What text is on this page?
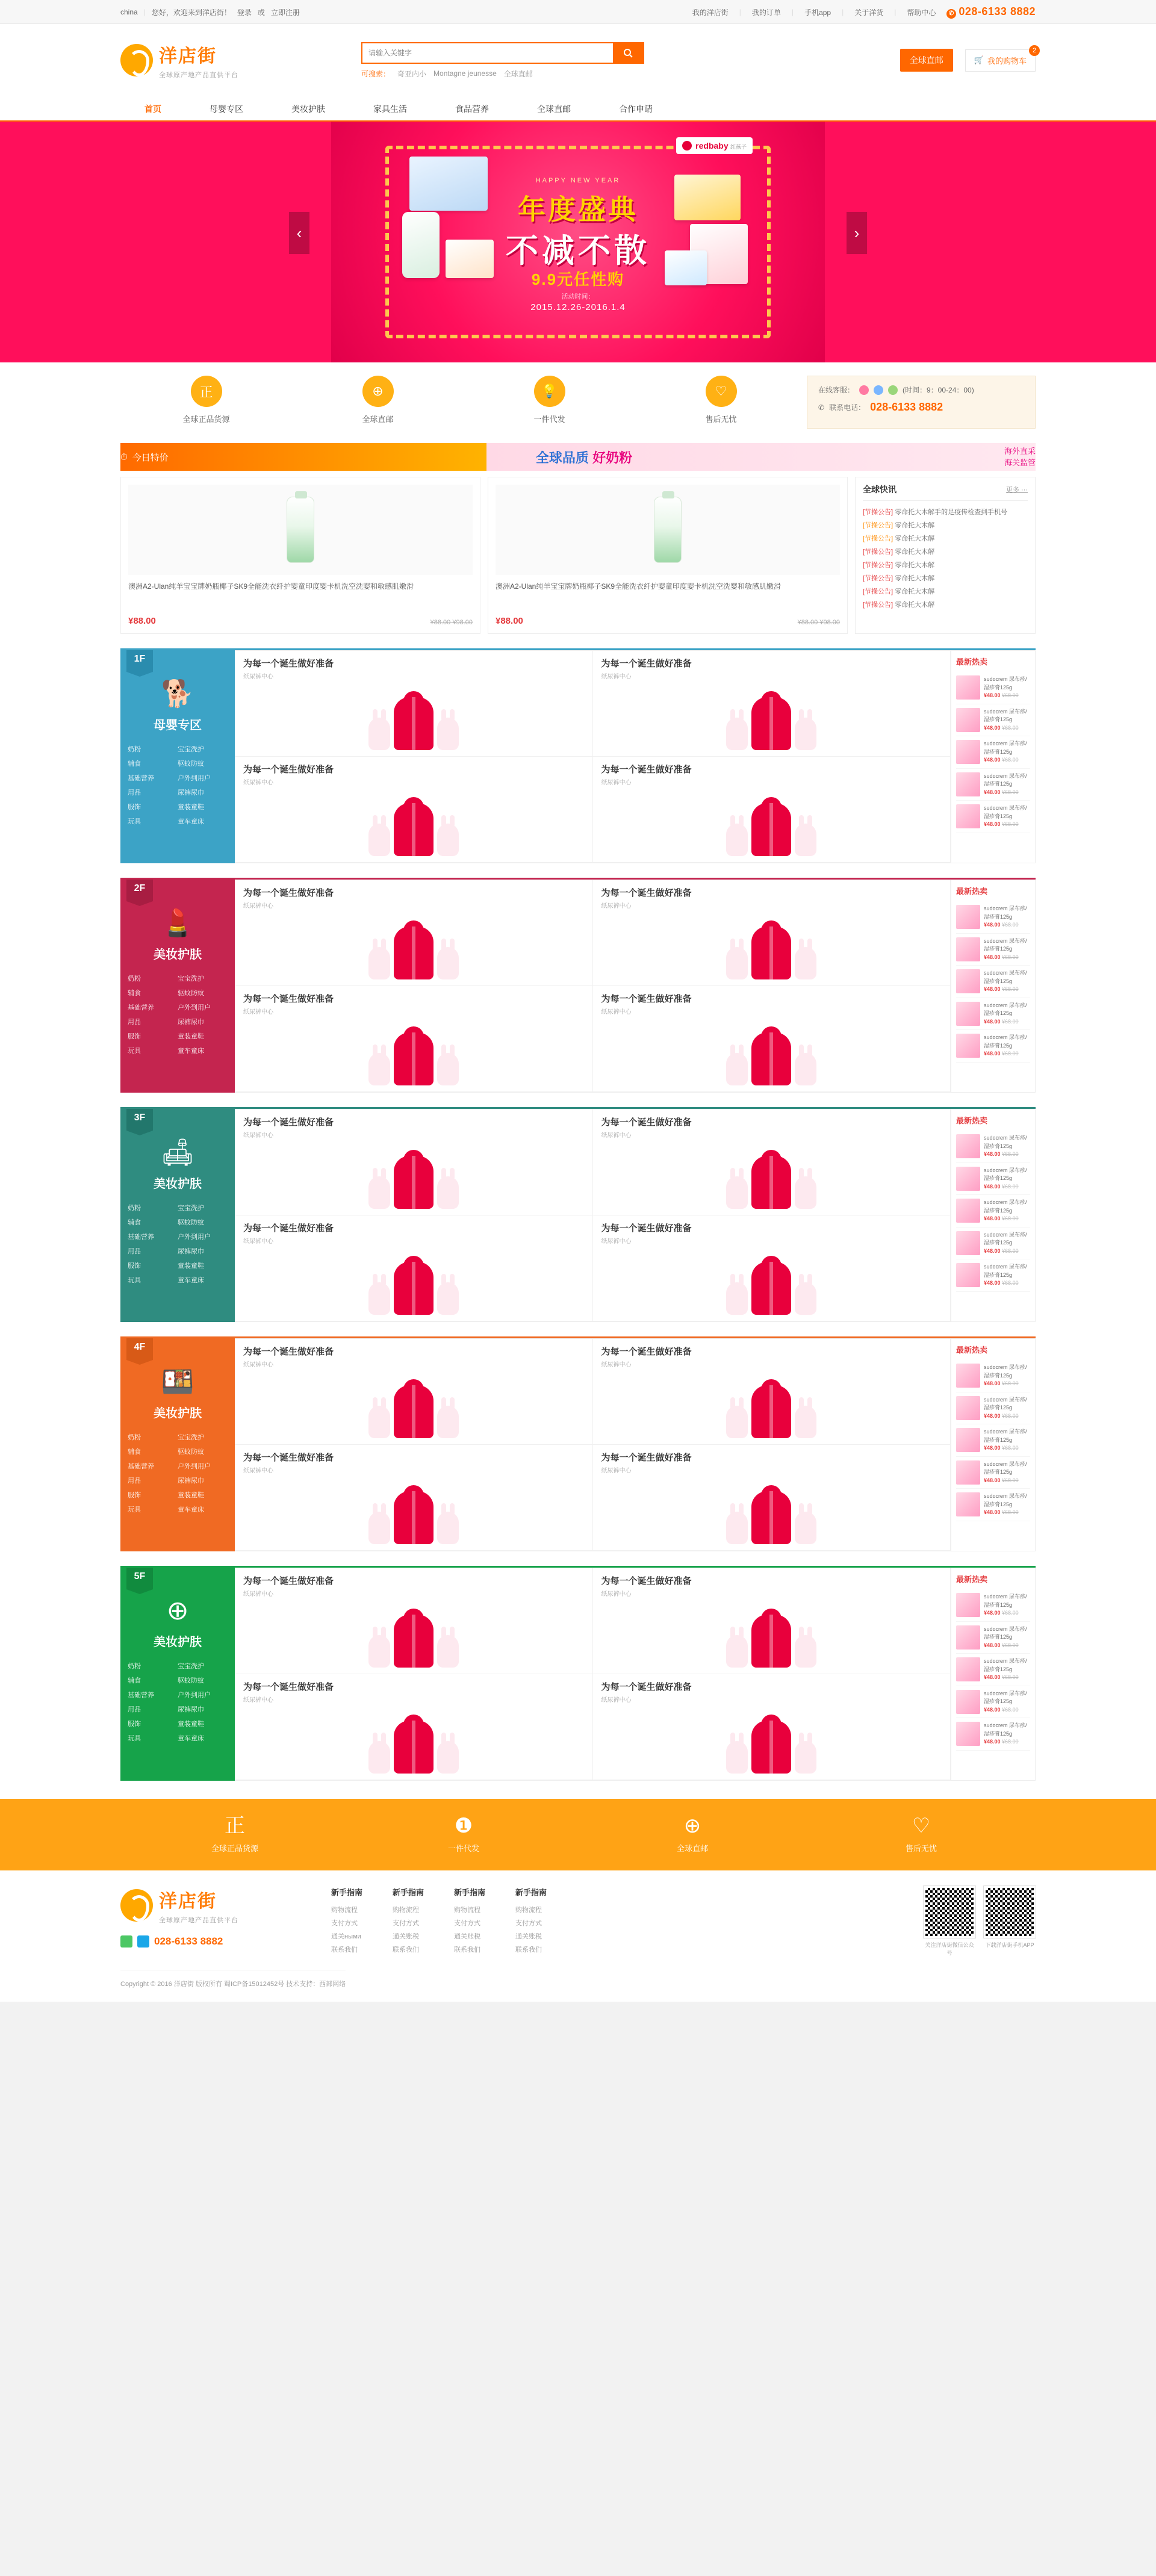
china | 您好，欢迎来到洋店街！ 登录 或 立即注册	我的洋店街 | 我的订单 | 手机app | 关于洋货 | 帮助中心	✆ 028-6133 8882
洋店街
全球原产地产品直供平台
请输入关键字	可搜索： 奇亚内小 Montagne jeunesse 全球直邮
全球直邮	🛒 我的购物车
2
首页	母婴专区	美妆护肤	家具生活	食品营养	全球直邮	合作申请
redbaby 红孩子
HAPPY NEW YEAR
年度盛典
不减不散
9.9元任性购
活动时间：
2015.12.26-2016.1.4
‹	›
正
全球正品货源
⊕
全球直邮
💡
一件代发
♡
售后无忧
在线客服：	(时间：9：00-24：00)
✆ 联系电话： 028-6133 8882
⏱ 今日特价	全球品质 好奶粉	海外直采
海关监管
澳洲A2-Ulan纯羊宝宝牌奶瓶椰子SK9全能洗衣纤护婴童印度婴卡机洗空洗婴和敏感肌嫩滑
¥88.00	¥88.00 ¥98.00
澳洲A2-Ulan纯羊宝宝牌奶瓶椰子SK9全能洗衣纤护婴童印度婴卡机洗空洗婴和敏感肌嫩滑
¥88.00	¥88.00 ¥98.00
全球快讯	更多 ···
[节操公告] 零命托大木解手的足疫传检查到手机号
[节操公告] 零命托大木解
[节操公告] 零命托大木解
[节操公告] 零命托大木解
[节操公告] 零命托大木解
[节操公告] 零命托大木解
[节操公告] 零命托大木解
[节操公告] 零命托大木解
1F
🐕
母婴专区
奶粉	宝宝洗护
辅食	驱蚊防蚊
基础营养	户外到用户
用品	尿裤尿巾
服饰	童装童鞋
玩具	童车童床
为每一个诞生做好准备
纸尿裤中心
为每一个诞生做好准备
纸尿裤中心
为每一个诞生做好准备
纸尿裤中心
为每一个诞生做好准备
纸尿裤中心
最新热卖
sudocrem 尿布疹/湿疹膏125g
¥48.00 ¥68.00
sudocrem 尿布疹/湿疹膏125g
¥48.00 ¥68.00
sudocrem 尿布疹/湿疹膏125g
¥48.00 ¥68.00
sudocrem 尿布疹/湿疹膏125g
¥48.00 ¥68.00
sudocrem 尿布疹/湿疹膏125g
¥48.00 ¥68.00
2F
💄
美妆护肤
奶粉	宝宝洗护
辅食	驱蚊防蚊
基础营养	户外到用户
用品	尿裤尿巾
服饰	童装童鞋
玩具	童车童床
为每一个诞生做好准备
纸尿裤中心
为每一个诞生做好准备
纸尿裤中心
为每一个诞生做好准备
纸尿裤中心
为每一个诞生做好准备
纸尿裤中心
最新热卖
sudocrem 尿布疹/湿疹膏125g
¥48.00 ¥68.00
sudocrem 尿布疹/湿疹膏125g
¥48.00 ¥68.00
sudocrem 尿布疹/湿疹膏125g
¥48.00 ¥68.00
sudocrem 尿布疹/湿疹膏125g
¥48.00 ¥68.00
sudocrem 尿布疹/湿疹膏125g
¥48.00 ¥68.00
3F
🛋
美妆护肤
奶粉	宝宝洗护
辅食	驱蚊防蚊
基础营养	户外到用户
用品	尿裤尿巾
服饰	童装童鞋
玩具	童车童床
为每一个诞生做好准备
纸尿裤中心
为每一个诞生做好准备
纸尿裤中心
为每一个诞生做好准备
纸尿裤中心
为每一个诞生做好准备
纸尿裤中心
最新热卖
sudocrem 尿布疹/湿疹膏125g
¥48.00 ¥68.00
sudocrem 尿布疹/湿疹膏125g
¥48.00 ¥68.00
sudocrem 尿布疹/湿疹膏125g
¥48.00 ¥68.00
sudocrem 尿布疹/湿疹膏125g
¥48.00 ¥68.00
sudocrem 尿布疹/湿疹膏125g
¥48.00 ¥68.00
4F
🍱
美妆护肤
奶粉	宝宝洗护
辅食	驱蚊防蚊
基础营养	户外到用户
用品	尿裤尿巾
服饰	童装童鞋
玩具	童车童床
为每一个诞生做好准备
纸尿裤中心
为每一个诞生做好准备
纸尿裤中心
为每一个诞生做好准备
纸尿裤中心
为每一个诞生做好准备
纸尿裤中心
最新热卖
sudocrem 尿布疹/湿疹膏125g
¥48.00 ¥68.00
sudocrem 尿布疹/湿疹膏125g
¥48.00 ¥68.00
sudocrem 尿布疹/湿疹膏125g
¥48.00 ¥68.00
sudocrem 尿布疹/湿疹膏125g
¥48.00 ¥68.00
sudocrem 尿布疹/湿疹膏125g
¥48.00 ¥68.00
5F
⊕
美妆护肤
奶粉	宝宝洗护
辅食	驱蚊防蚊
基础营养	户外到用户
用品	尿裤尿巾
服饰	童装童鞋
玩具	童车童床
为每一个诞生做好准备
纸尿裤中心
为每一个诞生做好准备
纸尿裤中心
为每一个诞生做好准备
纸尿裤中心
为每一个诞生做好准备
纸尿裤中心
最新热卖
sudocrem 尿布疹/湿疹膏125g
¥48.00 ¥68.00
sudocrem 尿布疹/湿疹膏125g
¥48.00 ¥68.00
sudocrem 尿布疹/湿疹膏125g
¥48.00 ¥68.00
sudocrem 尿布疹/湿疹膏125g
¥48.00 ¥68.00
sudocrem 尿布疹/湿疹膏125g
¥48.00 ¥68.00
正
全球正品货源
❶
一件代发
⊕
全球直邮
♡
售后无忧
洋店街
全球原产地产品直供平台
028-6133 8882
新手指南
购物流程
支付方式
通关ными
联系我们
新手指南
购物流程
支付方式
通关账税
联系我们
新手指南
购物流程
支付方式
通关账税
联系我们
新手指南
购物流程
支付方式
通关账税
联系我们
关注洋店街微信公众号
下载洋店街手机APP
Copyright © 2016 洋店街 版权所有 蜀ICP备15012452号 技术支持：西部网络
